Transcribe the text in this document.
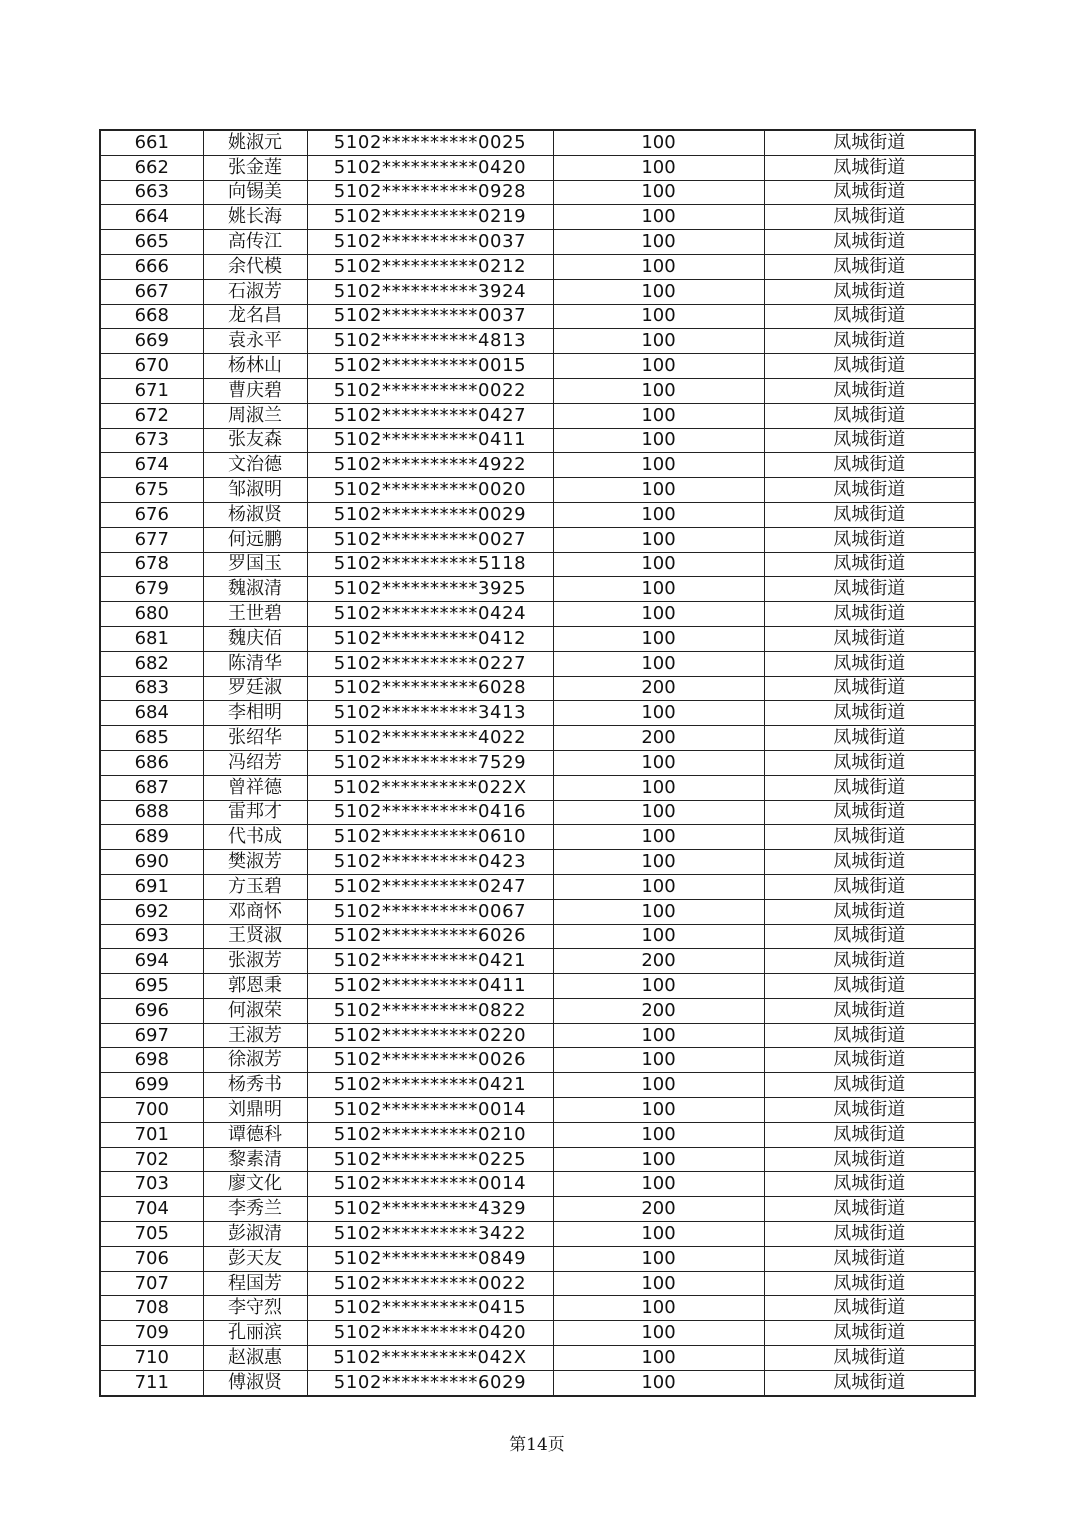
661	姚淑元	5102**********0025	100	凤城街道
662	张金莲	5102**********0420	100	凤城街道
663	向锡美	5102**********0928	100	凤城街道
664	姚长海	5102**********0219	100	凤城街道
665	高传江	5102**********0037	100	凤城街道
666	余代模	5102**********0212	100	凤城街道
667	石淑芳	5102**********3924	100	凤城街道
668	龙名昌	5102**********0037	100	凤城街道
669	袁永平	5102**********4813	100	凤城街道
670	杨林山	5102**********0015	100	凤城街道
671	曹庆碧	5102**********0022	100	凤城街道
672	周淑兰	5102**********0427	100	凤城街道
673	张友森	5102**********0411	100	凤城街道
674	文治德	5102**********4922	100	凤城街道
675	邹淑明	5102**********0020	100	凤城街道
676	杨淑贤	5102**********0029	100	凤城街道
677	何远鹏	5102**********0027	100	凤城街道
678	罗国玉	5102**********5118	100	凤城街道
679	魏淑清	5102**********3925	100	凤城街道
680	王世碧	5102**********0424	100	凤城街道
681	魏庆佰	5102**********0412	100	凤城街道
682	陈清华	5102**********0227	100	凤城街道
683	罗廷淑	5102**********6028	200	凤城街道
684	李相明	5102**********3413	100	凤城街道
685	张绍华	5102**********4022	200	凤城街道
686	冯绍芳	5102**********7529	100	凤城街道
687	曾祥德	5102**********022X	100	凤城街道
688	雷邦才	5102**********0416	100	凤城街道
689	代书成	5102**********0610	100	凤城街道
690	樊淑芳	5102**********0423	100	凤城街道
691	方玉碧	5102**********0247	100	凤城街道
692	邓商怀	5102**********0067	100	凤城街道
693	王贤淑	5102**********6026	100	凤城街道
694	张淑芳	5102**********0421	200	凤城街道
695	郭恩秉	5102**********0411	100	凤城街道
696	何淑荣	5102**********0822	200	凤城街道
697	王淑芳	5102**********0220	100	凤城街道
698	徐淑芳	5102**********0026	100	凤城街道
699	杨秀书	5102**********0421	100	凤城街道
700	刘鼎明	5102**********0014	100	凤城街道
701	谭德科	5102**********0210	100	凤城街道
702	黎素清	5102**********0225	100	凤城街道
703	廖文化	5102**********0014	100	凤城街道
704	李秀兰	5102**********4329	200	凤城街道
705	彭淑清	5102**********3422	100	凤城街道
706	彭天友	5102**********0849	100	凤城街道
707	程国芳	5102**********0022	100	凤城街道
708	李守烈	5102**********0415	100	凤城街道
709	孔丽滨	5102**********0420	100	凤城街道
710	赵淑惠	5102**********042X	100	凤城街道
711	傅淑贤	5102**********6029	100	凤城街道
第14页
